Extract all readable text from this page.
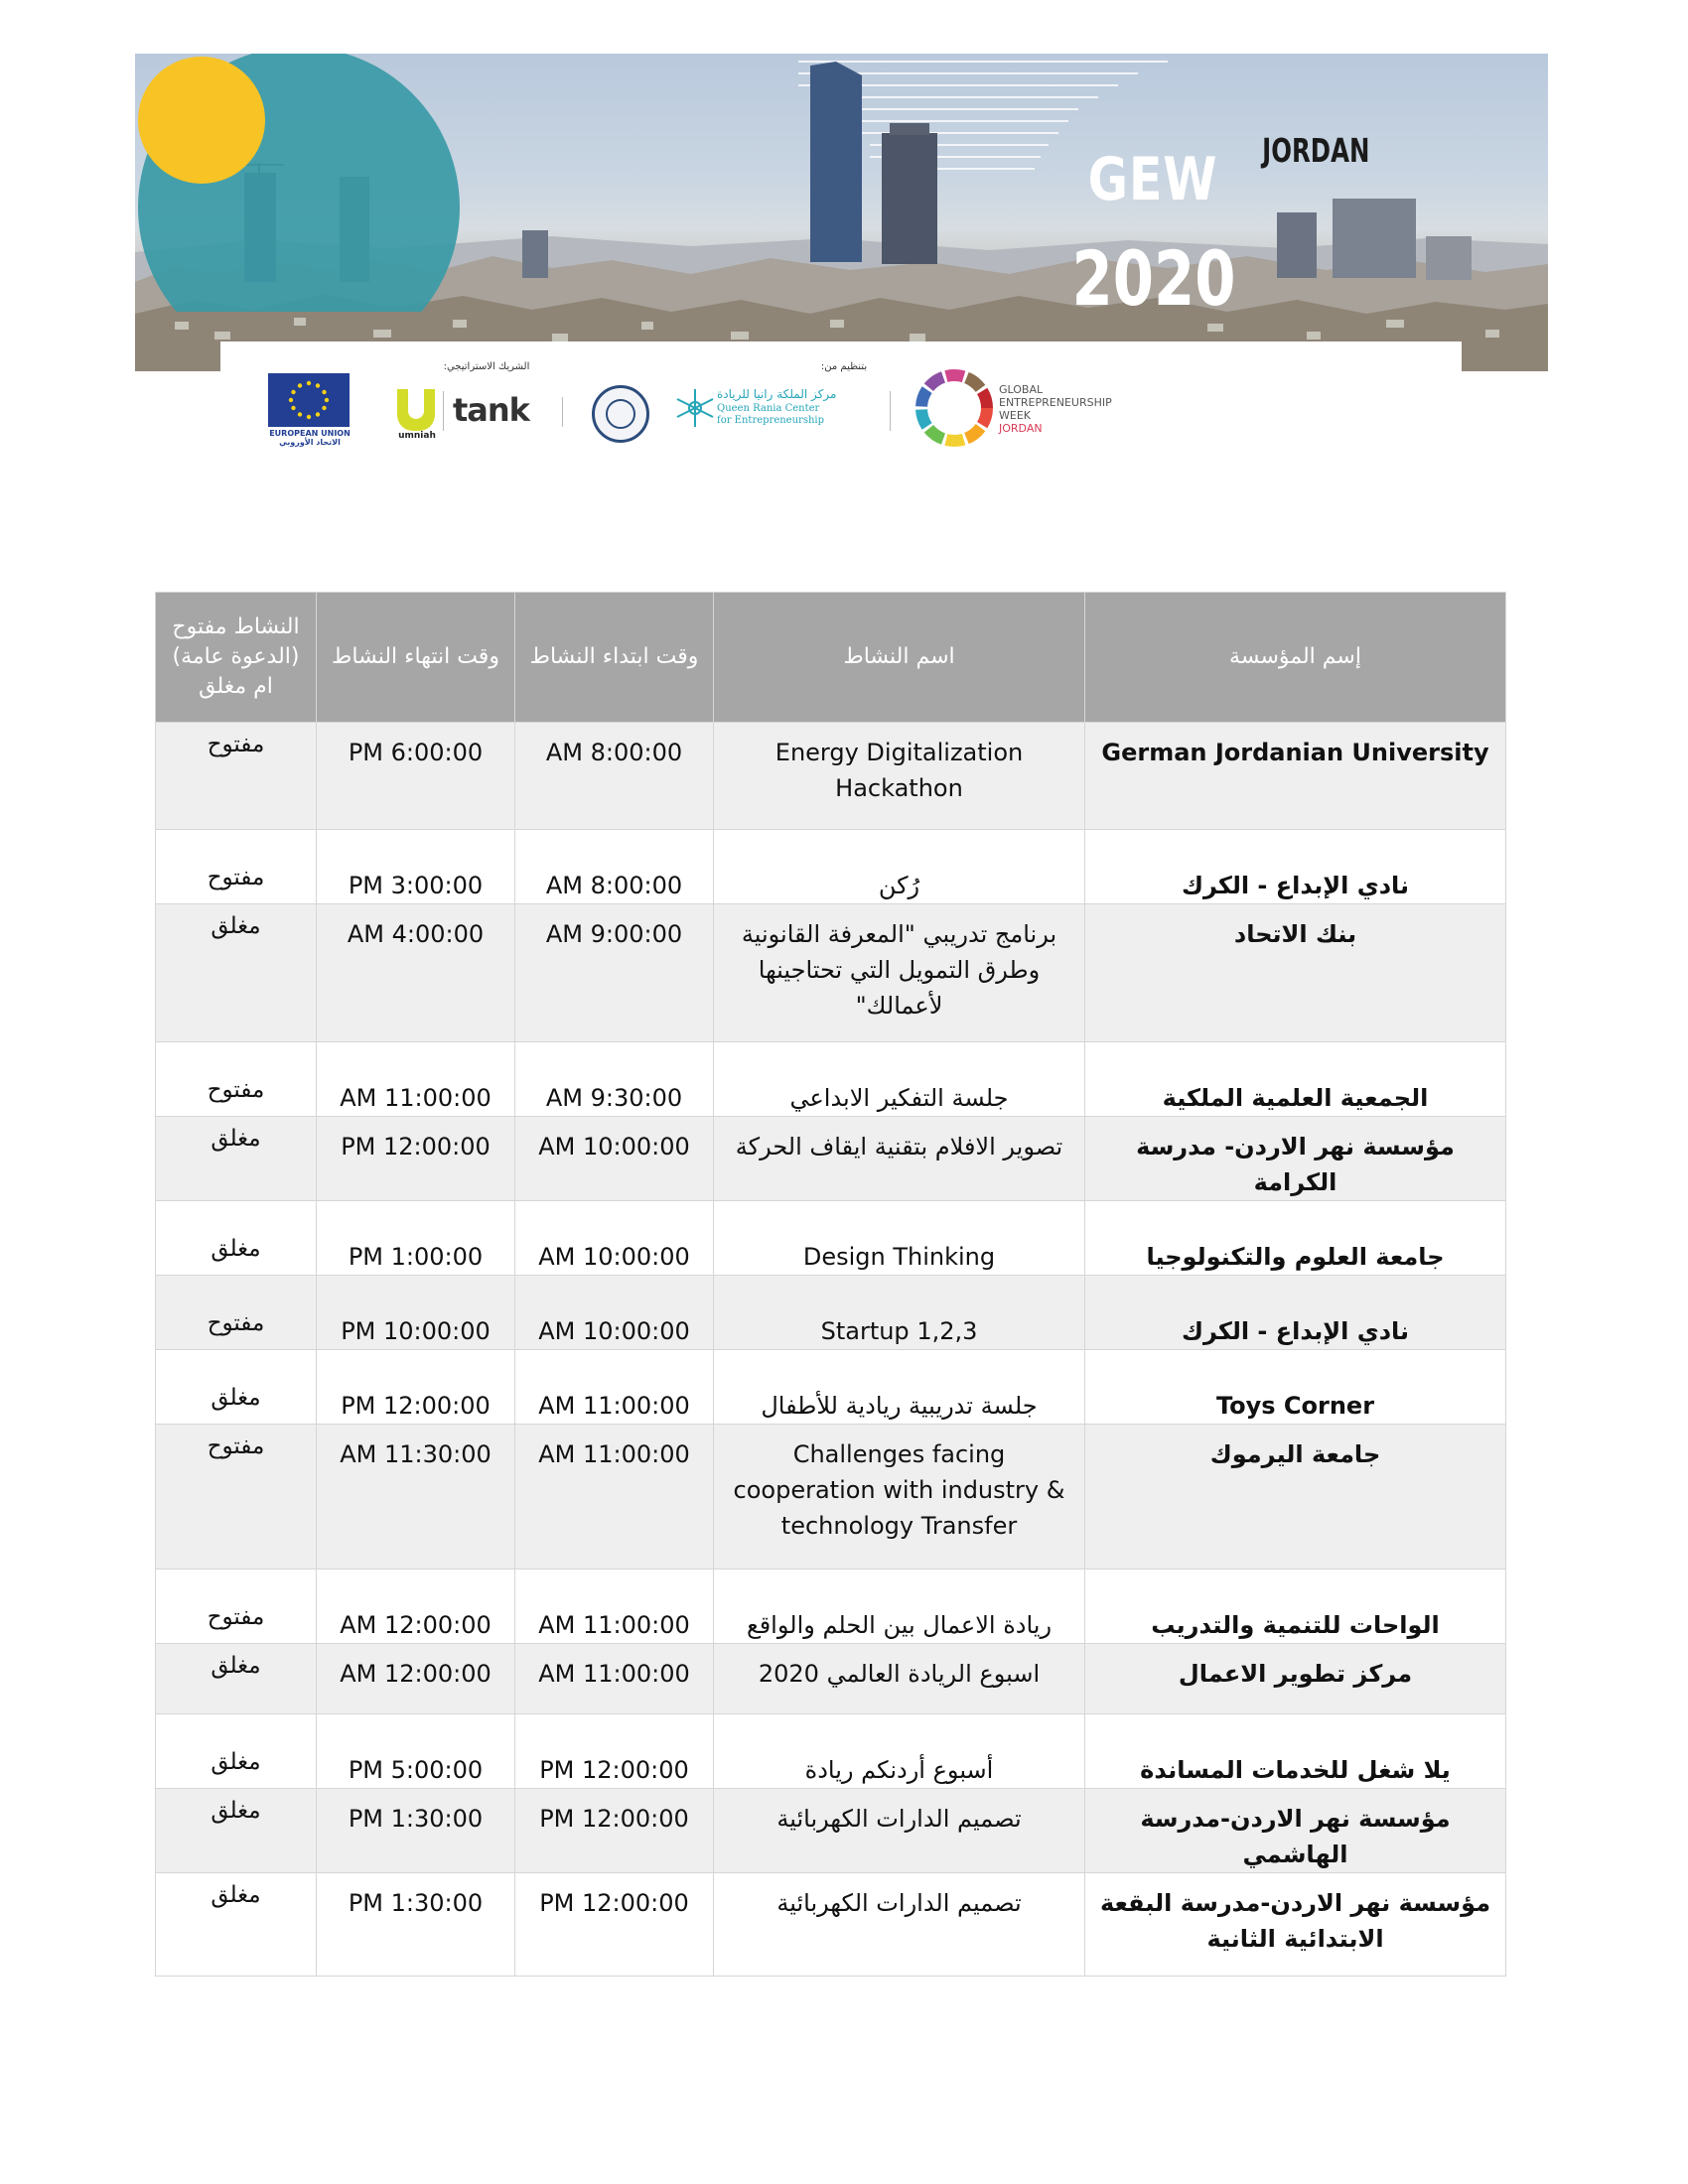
GEW
2020
JORDAN
EUROPEAN UNION
الاتحاد الأوروبي
الشريك الاستراتيجي:
umniah
tank
بتنظيم من:
مركز الملكة رانيا للريادة
Queen Rania Center
for Entrepreneurship
GLOBAL
ENTREPRENEURSHIP
WEEK
JORDAN
إسم المؤسسة	اسم النشاط	وقت ابتداء النشاط	وقت انتهاء النشاط	النشاط مفتوح (الدعوة عامة) ام مغلق
German Jordanian University	Energy Digitalization Hackathon	8:00:00 AM	6:00:00 PM	مفتوح
نادي الإبداع - الكرك	رُكن	8:00:00 AM	3:00:00 PM	مفتوح
بنك الاتحاد	برنامج تدريبي "المعرفة القانونية وطرق التمويل التي تحتاجينها لأعمالك"	9:00:00 AM	4:00:00 AM	مغلق
الجمعية العلمية الملكية	جلسة التفكير الابداعي	9:30:00 AM	11:00:00 AM	مفتوح
مؤسسة نهر الاردن- مدرسة الكرامة	تصوير الافلام بتقنية ايقاف الحركة	10:00:00 AM	12:00:00 PM	مغلق
جامعة العلوم والتكنولوجيا	Design Thinking	10:00:00 AM	1:00:00 PM	مغلق
نادي الإبداع - الكرك	1,2,3 Startup	10:00:00 AM	10:00:00 PM	مفتوح
Toys Corner	جلسة تدريبية ريادية للأطفال	11:00:00 AM	12:00:00 PM	مغلق
جامعة اليرموك	Challenges facing cooperation with industry & technology Transfer	11:00:00 AM	11:30:00 AM	مفتوح
الواحات للتنمية والتدريب	ريادة الاعمال بين الحلم والواقع	11:00:00 AM	12:00:00 AM	مفتوح
مركز تطوير الاعمال	اسبوع الريادة العالمي 2020	11:00:00 AM	12:00:00 AM	مغلق
يلا شغل للخدمات المساندة	أسبوع أردنكم ريادة	12:00:00 PM	5:00:00 PM	مغلق
مؤسسة نهر الاردن-مدرسة الهاشمي	تصميم الدارات الكهربائية	12:00:00 PM	1:30:00 PM	مغلق
مؤسسة نهر الاردن-مدرسة البقعة الابتدائية الثانية	تصميم الدارات الكهربائية	12:00:00 PM	1:30:00 PM	مغلق
